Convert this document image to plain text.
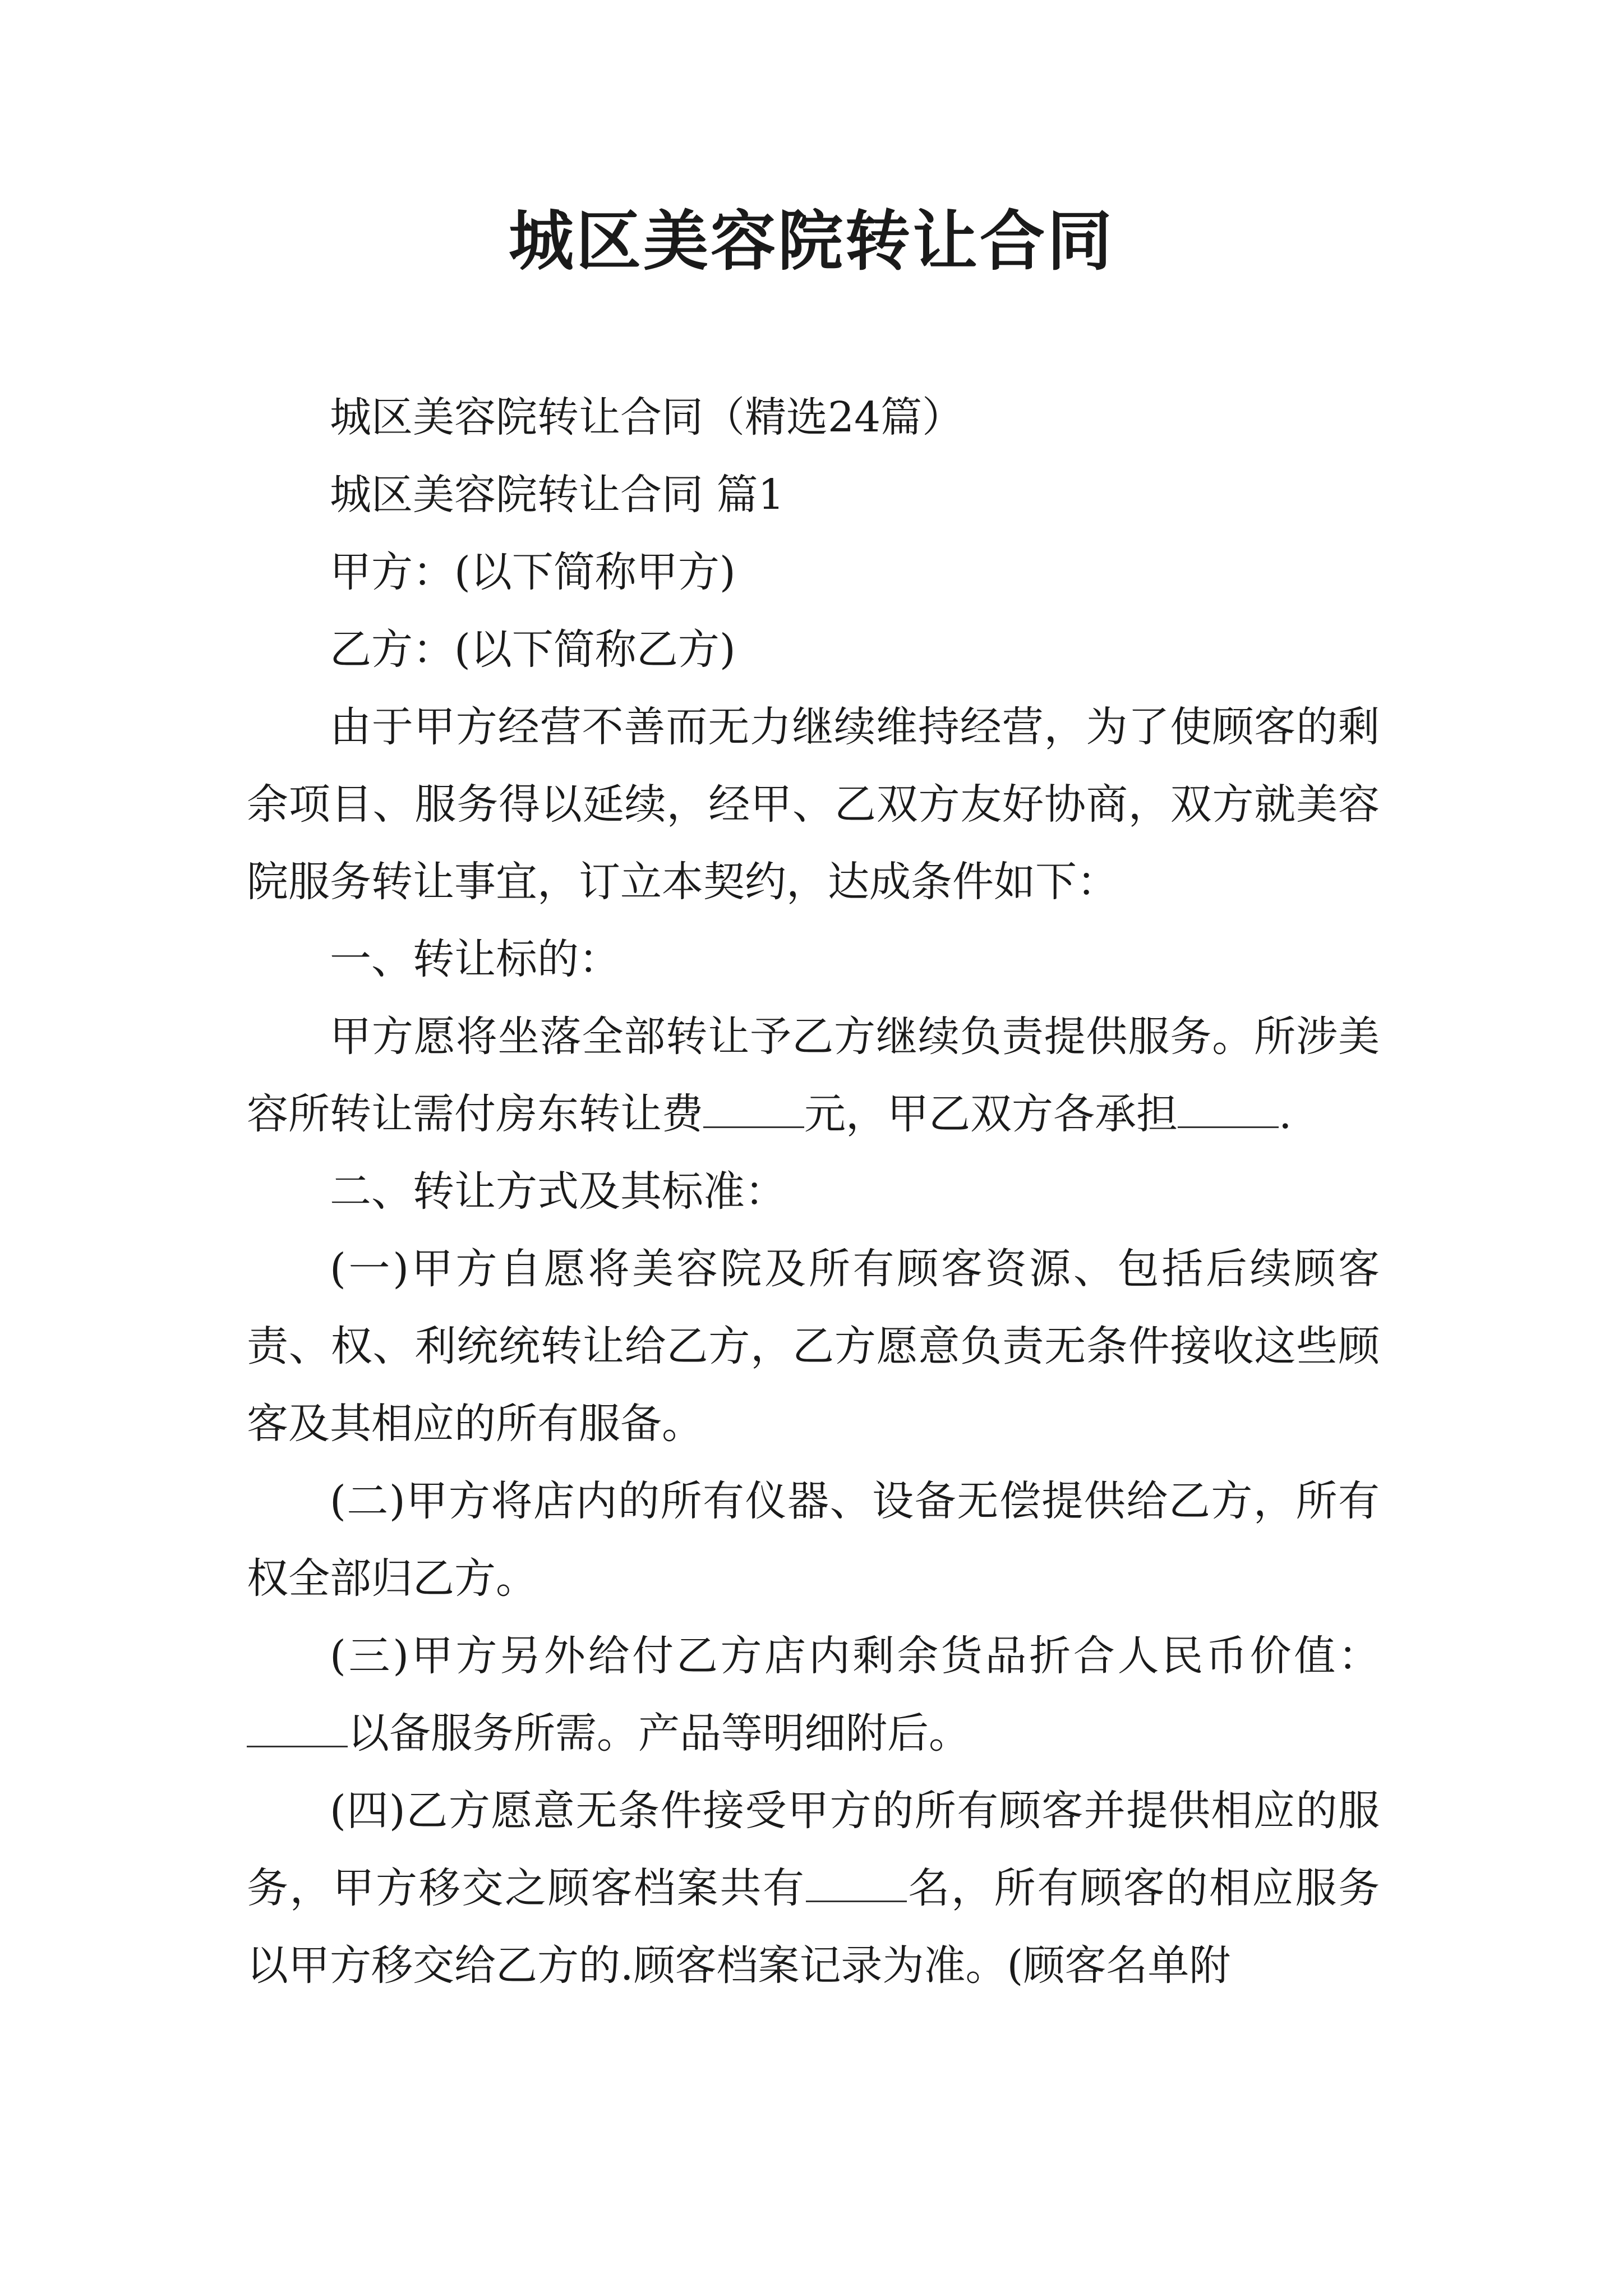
城区美容院转让合同

城区美容院转让合同（精选24篇）

城区美容院转让合同 篇1

甲方：(以下简称甲方)

乙方：(以下简称乙方)

由于甲方经营不善而无力继续维持经营，为了使顾客的剩余项目、服务得以延续，经甲、乙双方友好协商，双方就美容院服务转让事宜，订立本契约，达成条件如下：

一、转让标的：

甲方愿将坐落全部转让予乙方继续负责提供服务。所涉美容所转让需付房东转让费 元，甲乙双方各承担 .

二、转让方式及其标准：

(一)甲方自愿将美容院及所有顾客资源、包括后续顾客责、权、利统统转让给乙方，乙方愿意负责无条件接收这些顾客及其相应的所有服备。

(二)甲方将店内的所有仪器、设备无偿提供给乙方，所有权全部归乙方。

(三)甲方另外给付乙方店内剩余货品折合人民币价值：以备服务所需。产品等明细附后。

(四)乙方愿意无条件接受甲方的所有顾客并提供相应的服务，甲方移交之顾客档案共有 名，所有顾客的相应服务以甲方移交给乙方的.顾客档案记录为准。(顾客名单附
